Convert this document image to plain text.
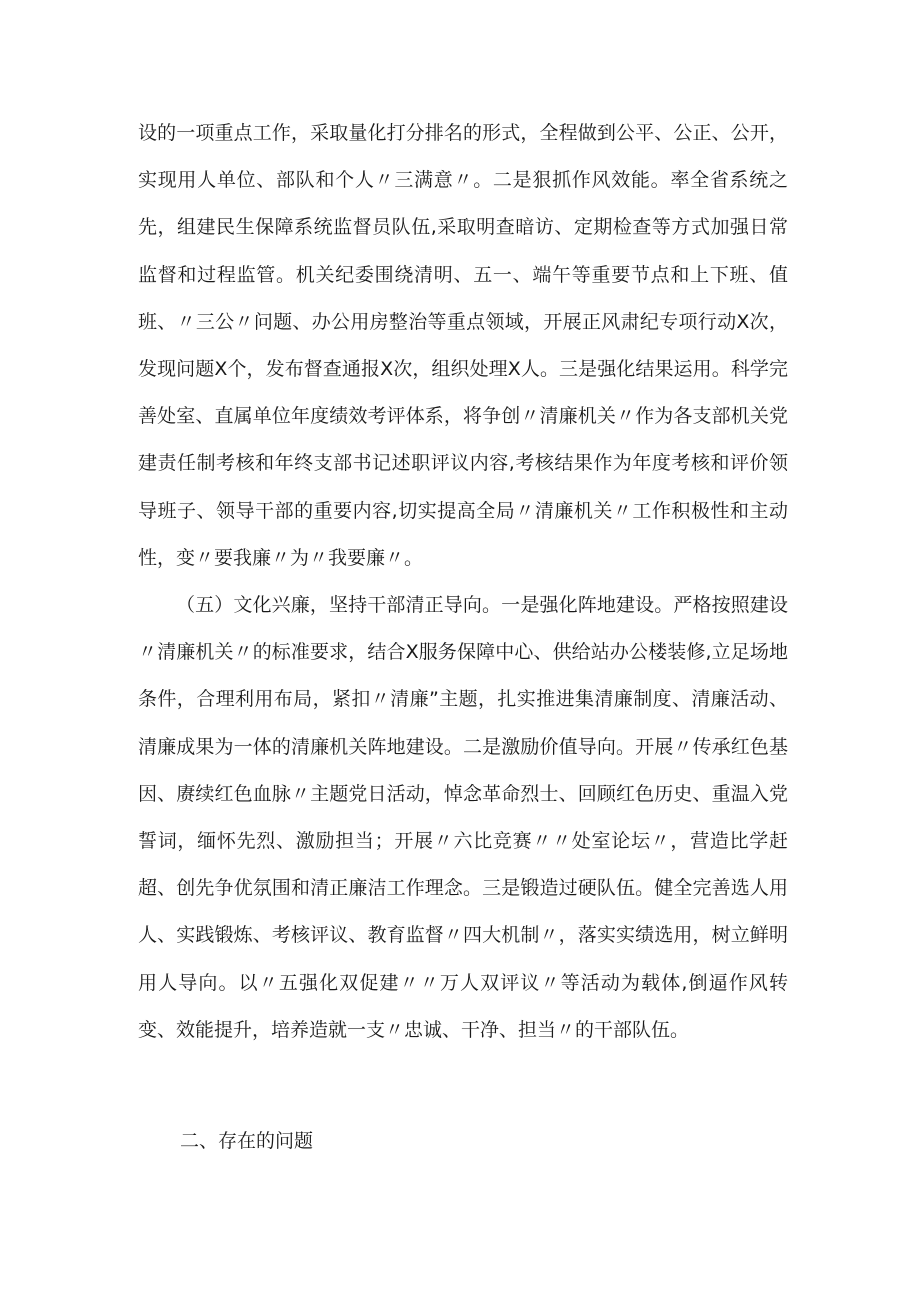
设的一项重点工作，采取量化打分排名的形式，全程做到公平、公正、公开，实现用人单位、部队和个人〃三满意〃。二是狠抓作风效能。率全省系统之先，组建民生保障系统监督员队伍,采取明查暗访、定期检查等方式加强日常监督和过程监管。机关纪委围绕清明、五一、端午等重要节点和上下班、值班、〃三公〃问题、办公用房整治等重点领域，开展正风肃纪专项行动X次，发现问题X个，发布督查通报X次，组织处理X人。三是强化结果运用。科学完善处室、直属单位年度绩效考评体系，将争创〃清廉机关〃作为各支部机关党建责任制考核和年终支部书记述职评议内容,考核结果作为年度考核和评价领导班子、领导干部的重要内容,切实提高全局〃清廉机关〃工作积极性和主动性，变〃要我廉〃为〃我要廉〃。

（五）文化兴廉，坚持干部清正导向。一是强化阵地建设。严格按照建设〃清廉机关〃的标准要求，结合X服务保障中心、供给站办公楼装修,立足场地条件，合理利用布局，紧扣〃清廉”主题，扎实推进集清廉制度、清廉活动、清廉成果为一体的清廉机关阵地建设。二是激励价值导向。开展〃传承红色基因、赓续红色血脉〃主题党日活动，悼念革命烈士、回顾红色历史、重温入党誓词，缅怀先烈、激励担当；开展〃六比竞赛〃〃处室论坛〃，营造比学赶超、创先争优氛围和清正廉洁工作理念。三是锻造过硬队伍。健全完善选人用人、实践锻炼、考核评议、教育监督〃四大机制〃，落实实绩选用，树立鲜明用人导向。以〃五强化双促建〃〃万人双评议〃等活动为载体,倒逼作风转变、效能提升，培养造就一支〃忠诚、干净、担当〃的干部队伍。

二、存在的问题
